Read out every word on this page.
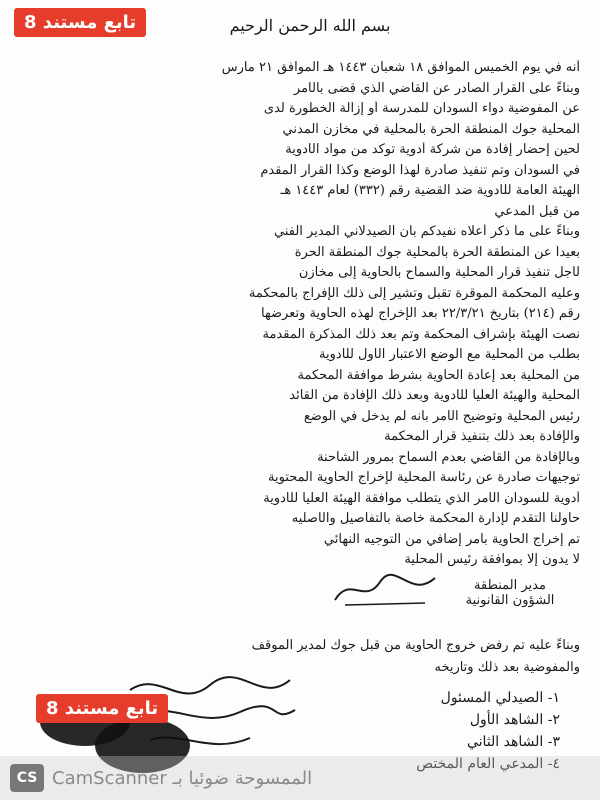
تابع مستند 8	بسم الله الرحمن الرحيم
أنه في يوم الخميس الموافق ١٨ شعبان ١٤٤٣ هـ الموافق ٢١ مارس
وبناءً على القرار الصادر عن القاضي الذي قضى بالأمر
عن المفوضية دواء السودان للمدرسة أو إزالة الخطورة لدى
المحلية جوك المنطقة الحرة بالمحلية في مخازن المدني
لحين إحضار إفادة من شركة أدوية توكد من مواد الأدوية
في السودان وتم تنفيذ صادرة لهذا الوضع وكذا القرار المقدم
الهيئة العامة للأدوية ضد القضية رقم (٣٣٢) لعام ١٤٤٣ هـ
من قبل المدعي
وبناءً على ما ذكر أعلاه نفيدكم بأن الصيدلاني المدير الفني
بعيداً عن المنطقة الحرة بالمحلية جوك المنطقة الحرة
لأجل تنفيذ قرار المحلية والسماح بالحاوية إلى مخازن
وعليه المحكمة الموقرة تقبل وتشير إلى ذلك الإفراج بالمحكمة
رقم (٢١٤) بتاريخ ٢٢/٣/٢١ بعد الإخراج لهذه الحاوية وتعرضها
نصت الهيئة بإشراف المحكمة وتم بعد ذلك المذكرة المقدمة
بطلب من المحلية مع الوضع الاعتبار الأول للأدوية
من المحلية بعد إعادة الحاوية بشرط موافقة المحكمة
المحلية والهيئة العليا للأدوية وبعد ذلك الإفادة من القائد
رئيس المحلية وتوضيح الأمر بأنه لم يدخل في الوضع
والإفادة بعد ذلك بتنفيذ قرار المحكمة
وبالإفادة من القاضي بعدم السماح بمرور الشاحنة
توجيهات صادرة عن رئاسة المحلية لإخراج الحاوية المحتوية
أدوية للسودان الأمر الذي يتطلب موافقة الهيئة العليا للأدوية
حاولنا التقدم لإدارة المحكمة خاصة بالتفاصيل والأصليه
تم إخراج الحاوية بأمر إضافي من التوجيه النهائي
لا يدون إلا بموافقة رئيس المحلية
مدير المنطقة
الشؤون القانونية
وبناءً عليه تم رفض خروج الحاوية من قبل جوك لمدير الموقف
والمفوضية بعد ذلك وتاريخه
١- الصيدلي المسئول
٢- الشاهد الأول
٣- الشاهد الثاني
٤- المدعي العام المختص
تابع مستند 8
CS الممسوحة ضوئيا بـ CamScanner
